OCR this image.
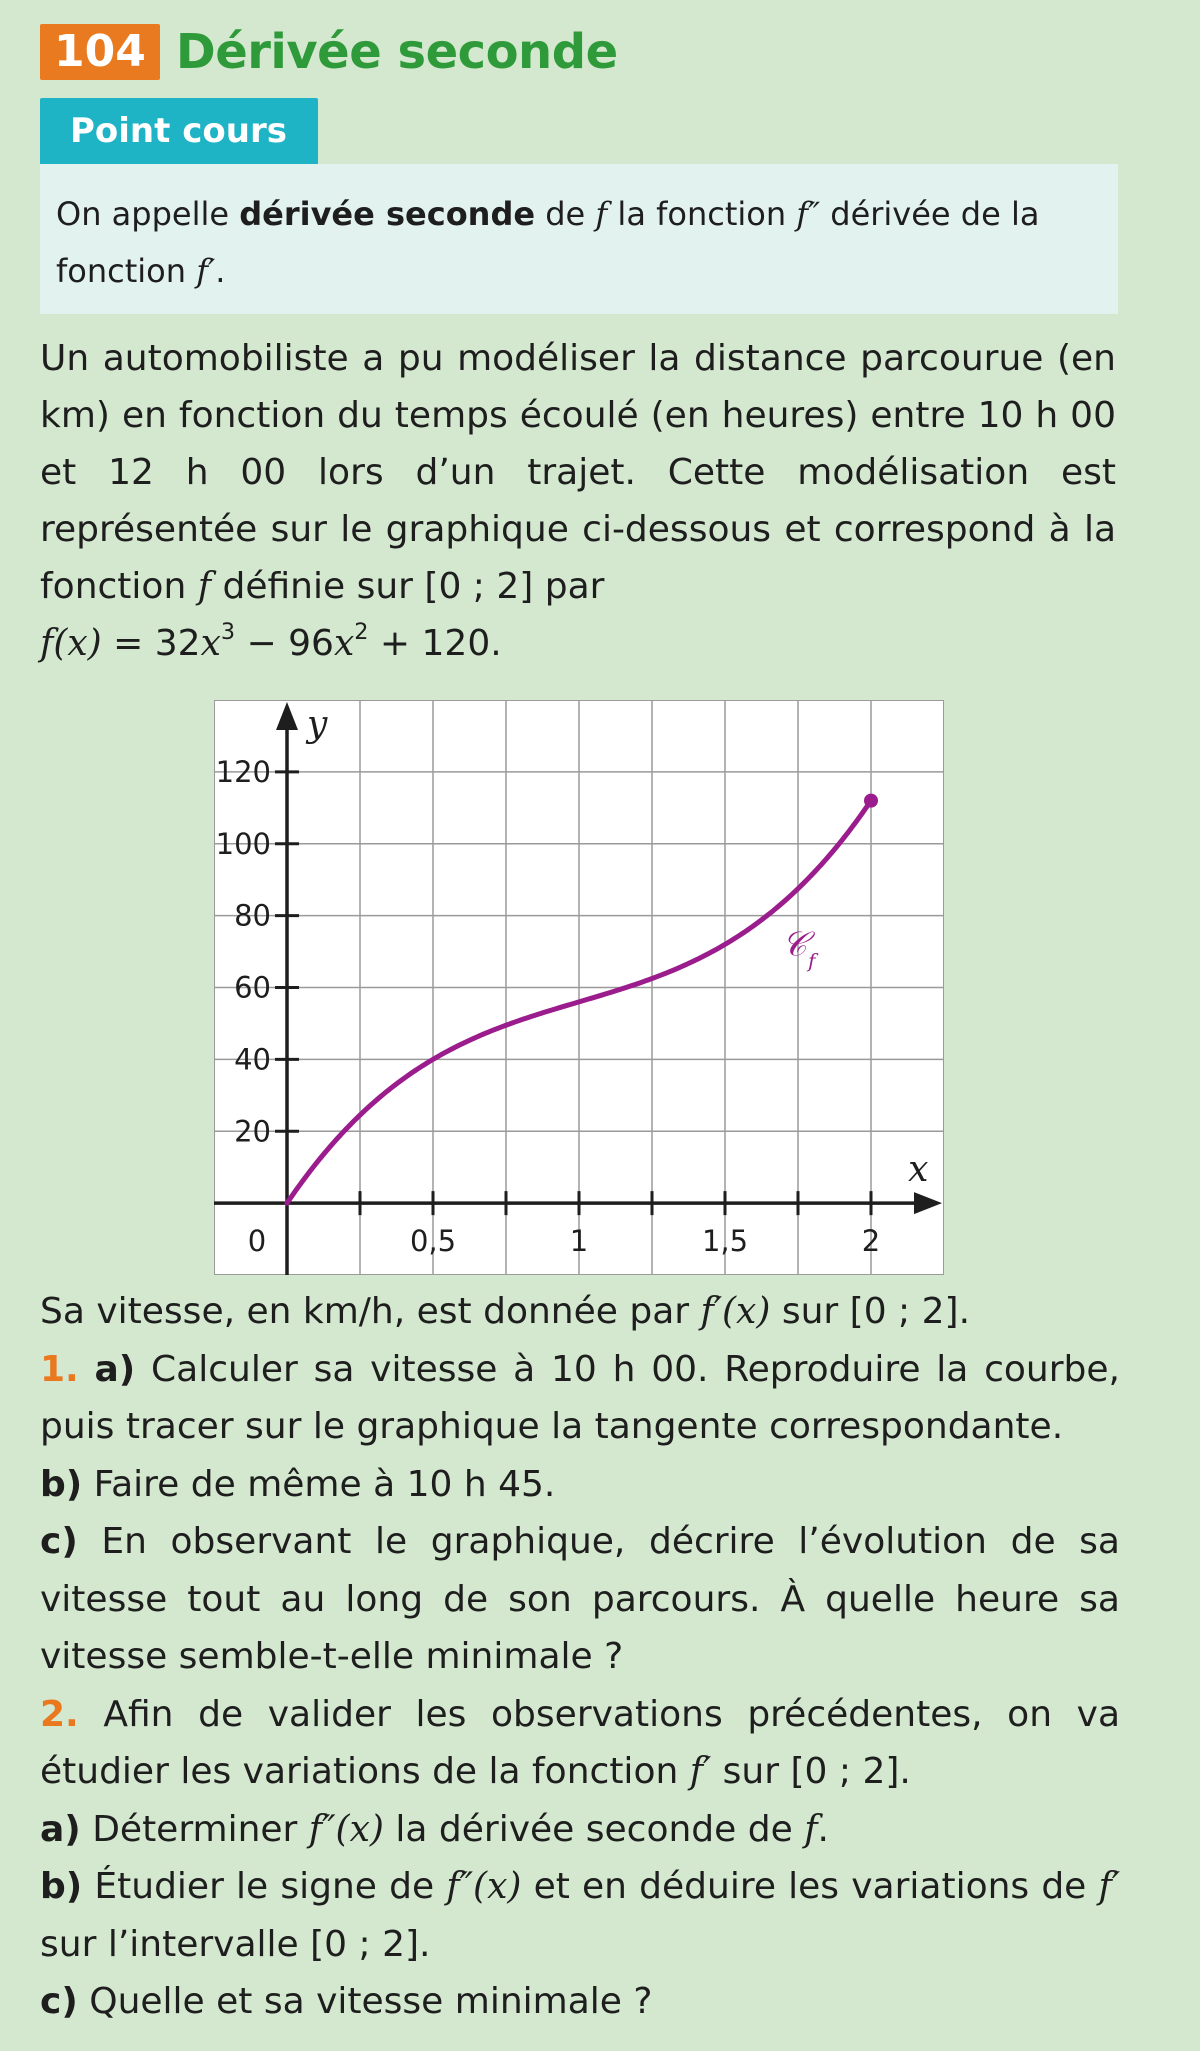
104 Dérivée seconde
Point cours
On appelle dérivée seconde de f la fonction f″ dérivée de la fonction f′.

Un automobiliste a pu modéliser la distance parcourue (en km) en fonction du temps écoulé (en heures) entre 10 h 00 et 12 h 00 lors d’un trajet. Cette modélisation est représentée sur le graphique ci-dessous et correspond à la fonction f définie sur [0 ; 2] par

$f(x) = 32x^3 - 96x^2 + 120$.

0	0,5	1	1,5	2
20
40
60
80
100
120
x
y
𝒞 f

Sa vitesse, en km/h, est donnée par f′(x) sur [0 ; 2].

1. a) Calculer sa vitesse à 10 h 00. Reproduire la courbe, puis tracer sur le graphique la tangente correspondante.

b) Faire de même à 10 h 45.

c) En observant le graphique, décrire l’évolution de sa vitesse tout au long de son parcours. À quelle heure sa vitesse semble-t-elle minimale ?

2. Afin de valider les observations précédentes, on va étudier les variations de la fonction f′ sur [0 ; 2].

a) Déterminer f″(x) la dérivée seconde de f.

b) Étudier le signe de f″(x) et en déduire les variations de f′ sur l’intervalle [0 ; 2].

c) Quelle et sa vitesse minimale ?
